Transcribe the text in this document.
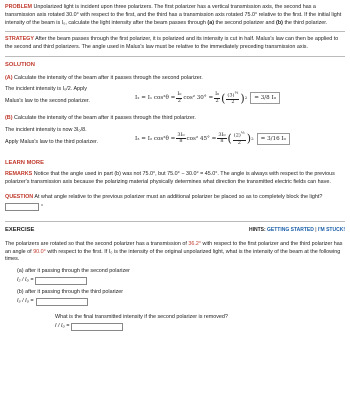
PROBLEM Unpolarized light is incident upon three polarizers. The first polarizer has a vertical transmission axis, the second has a transmission axis rotated 30.0° with respect to the first, and the third has a transmission axis rotated 75.0° relative to the first. If the initial light intensity of the beam is I₀, calculate the light intensity after the beam passes through (a) the second polarizer and (b) the third polarizer.

STRATEGY After the beam passes through the first polarizer, it is polarized and its intensity is cut in half. Malus's law can then be applied to the second and third polarizers. The angle used in Malus's law must be relative to the immediately preceding transmission axis.

SOLUTION

(A) Calculate the intensity of the beam after it passes through the second polarizer.

The incident intensity is I₀/2. Apply

Malus's law to the second polarizer.

I₂ = I₁ $\cos^2\theta = \frac{\text{I₀}}{2} \cos^2$ $30^\circ = \frac{\text{I₀}}{2}$ ( $\frac{(3)^{\frac{1}{2}}}{2}$ ) 2	= 3/8 I₀

(B) Calculate the intensity of the beam after it passes through the third polarizer.

The incident intensity is now 3I₀/8.

Apply Malus's law to the third polarizer.

I₃ = I₂ $\cos^2\theta = \frac{\text{3I₀}}{8} \cos^2$ $45^\circ = \frac{\text{3I₀}}{8}$ ( $\frac{(2)^{\frac{1}{2}}}{2}$ ) 2	= 3/16 I₀
LEARN MORE

REMARKS Notice that the angle used in part (b) was not 75.0°, but 75.0° − 30.0° = 45.0°. The angle is always with respect to the previous polarizer's transmission axis because the polarizing material physically determines what direction the transmitted electric fields can have.

QUESTION At what angle relative to the previous polarizer must an additional polarizer be placed so as to completely block the light?

°
EXERCISE	HINTS: GETTING STARTED | I'M STUCK!

The polarizers are rotated so that the second polarizer has a transmission of 36.2° with respect to the first polarizer and the third polarizer has an angle of 90.0° with respect to the first. If I₀ is the intensity of the original unpolarized light, what is the intensity of the beam at the following times.

(a) after it passing through the second polarizer

I₂ / I₀ =

(b) after it passing through the third polarizer

I₃ / I₀ =

What is the final transmitted intensity if the second polarizer is removed?

I / I₀ =
